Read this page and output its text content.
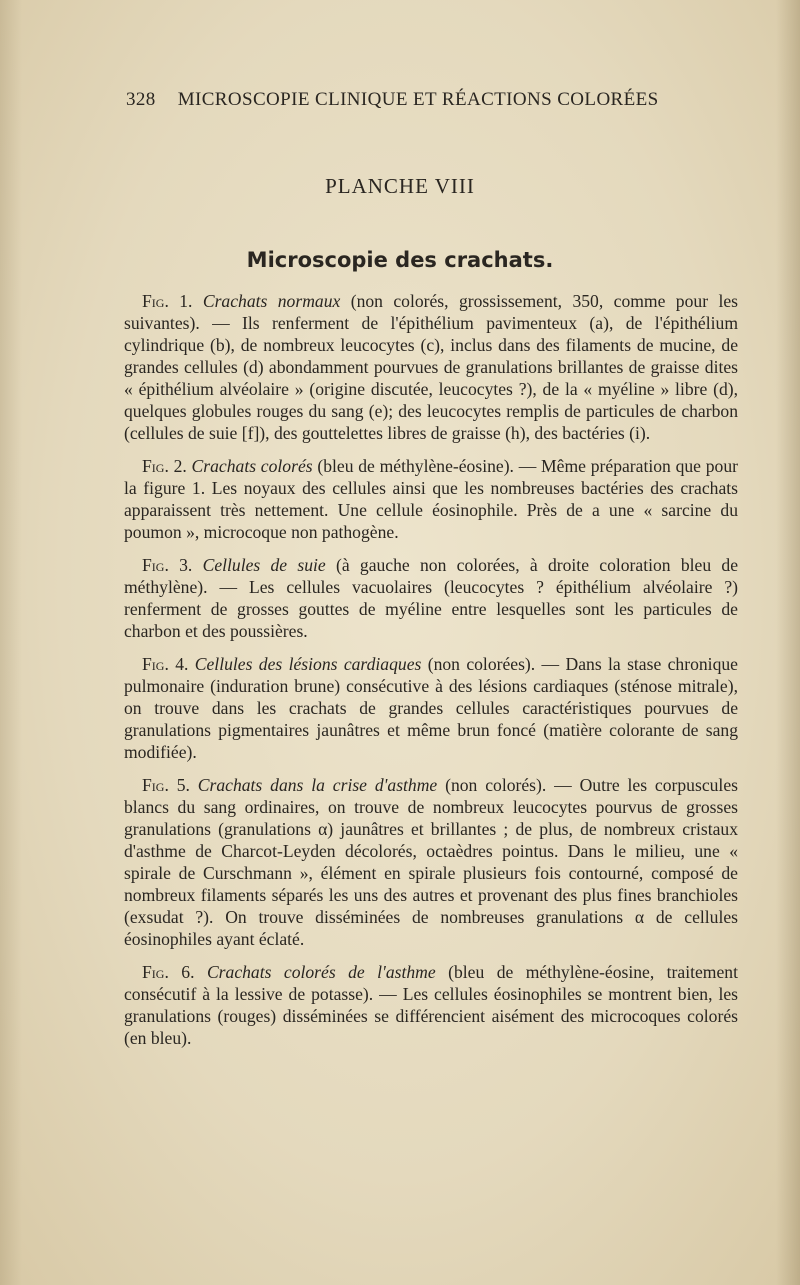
328 MICROSCOPIE CLINIQUE ET RÉACTIONS COLORÉES
PLANCHE VIII
Microscopie des crachats.

Fig. 1. Crachats normaux (non colorés, grossissement, 350, comme pour les suivantes). — Ils renferment de l'épithélium pavimenteux (a), de l'épithélium cylindrique (b), de nombreux leucocytes (c), inclus dans des filaments de mucine, de grandes cellules (d) abondamment pourvues de granulations brillantes de graisse dites « épithélium alvéolaire » (origine discutée, leucocytes ?), de la « myéline » libre (d), quelques globules rouges du sang (e); des leucocytes remplis de particules de charbon (cellules de suie [f]), des gouttelettes libres de graisse (h), des bactéries (i).

Fig. 2. Crachats colorés (bleu de méthylène-éosine). — Même préparation que pour la figure 1. Les noyaux des cellules ainsi que les nombreuses bactéries des crachats apparaissent très nettement. Une cellule éosinophile. Près de a une « sarcine du poumon », microcoque non pathogène.

Fig. 3. Cellules de suie (à gauche non colorées, à droite coloration bleu de méthylène). — Les cellules vacuolaires (leucocytes ? épithélium alvéolaire ?) renferment de grosses gouttes de myéline entre lesquelles sont les particules de charbon et des poussières.

Fig. 4. Cellules des lésions cardiaques (non colorées). — Dans la stase chronique pulmonaire (induration brune) consécutive à des lésions cardiaques (sténose mitrale), on trouve dans les crachats de grandes cellules caractéristiques pourvues de granulations pigmentaires jaunâtres et même brun foncé (matière colorante de sang modifiée).

Fig. 5. Crachats dans la crise d'asthme (non colorés). — Outre les corpuscules blancs du sang ordinaires, on trouve de nombreux leucocytes pourvus de grosses granulations (granulations α) jaunâtres et brillantes ; de plus, de nombreux cristaux d'asthme de Charcot-Leyden décolorés, octaèdres pointus. Dans le milieu, une « spirale de Curschmann », élément en spirale plusieurs fois contourné, composé de nombreux filaments séparés les uns des autres et provenant des plus fines branchioles (exsudat ?). On trouve disséminées de nombreuses granulations α de cellules éosinophiles ayant éclaté.

Fig. 6. Crachats colorés de l'asthme (bleu de méthylène-éosine, traitement consécutif à la lessive de potasse). — Les cellules éosinophiles se montrent bien, les granulations (rouges) disséminées se différencient aisément des microcoques colorés (en bleu).
